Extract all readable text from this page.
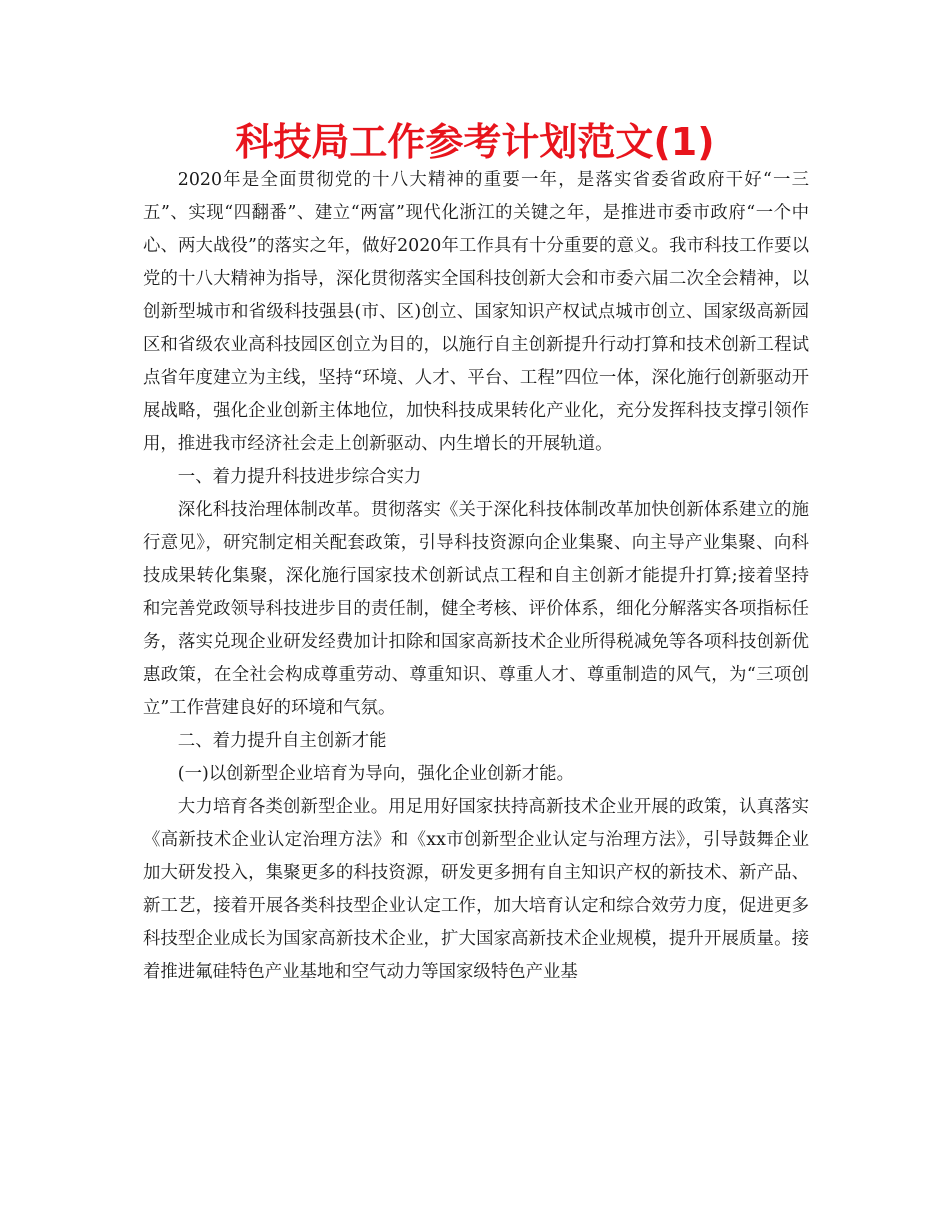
科技局工作参考计划范文(1)

2020年是全面贯彻党的十八大精神的重要一年，是落实省委省政府干好“一三五”、实现“四翻番”、建立“两富”现代化浙江的关键之年，是推进市委市政府“一个中心、两大战役”的落实之年，做好2020年工作具有十分重要的意义。我市科技工作要以党的十八大精神为指导，深化贯彻落实全国科技创新大会和市委六届二次全会精神，以创新型城市和省级科技强县(市、区)创立、国家知识产权试点城市创立、国家级高新园区和省级农业高科技园区创立为目的，以施行自主创新提升行动打算和技术创新工程试点省年度建立为主线，坚持“环境、人才、平台、工程”四位一体，深化施行创新驱动开展战略，强化企业创新主体地位，加快科技成果转化产业化，充分发挥科技支撑引领作用，推进我市经济社会走上创新驱动、内生增长的开展轨道。

一、着力提升科技进步综合实力

深化科技治理体制改革。贯彻落实《关于深化科技体制改革加快创新体系建立的施行意见》，研究制定相关配套政策，引导科技资源向企业集聚、向主导产业集聚、向科技成果转化集聚，深化施行国家技术创新试点工程和自主创新才能提升打算;接着坚持和完善党政领导科技进步目的责任制，健全考核、评价体系，细化分解落实各项指标任务，落实兑现企业研发经费加计扣除和国家高新技术企业所得税减免等各项科技创新优惠政策，在全社会构成尊重劳动、尊重知识、尊重人才、尊重制造的风气，为“三项创立”工作营建良好的环境和气氛。

二、着力提升自主创新才能

(一)以创新型企业培育为导向，强化企业创新才能。

大力培育各类创新型企业。用足用好国家扶持高新技术企业开展的政策，认真落实《高新技术企业认定治理方法》和《xx市创新型企业认定与治理方法》，引导鼓舞企业加大研发投入，集聚更多的科技资源，研发更多拥有自主知识产权的新技术、新产品、新工艺，接着开展各类科技型企业认定工作，加大培育认定和综合效劳力度，促进更多科技型企业成长为国家高新技术企业，扩大国家高新技术企业规模，提升开展质量。接着推进氟硅特色产业基地和空气动力等国家级特色产业基
